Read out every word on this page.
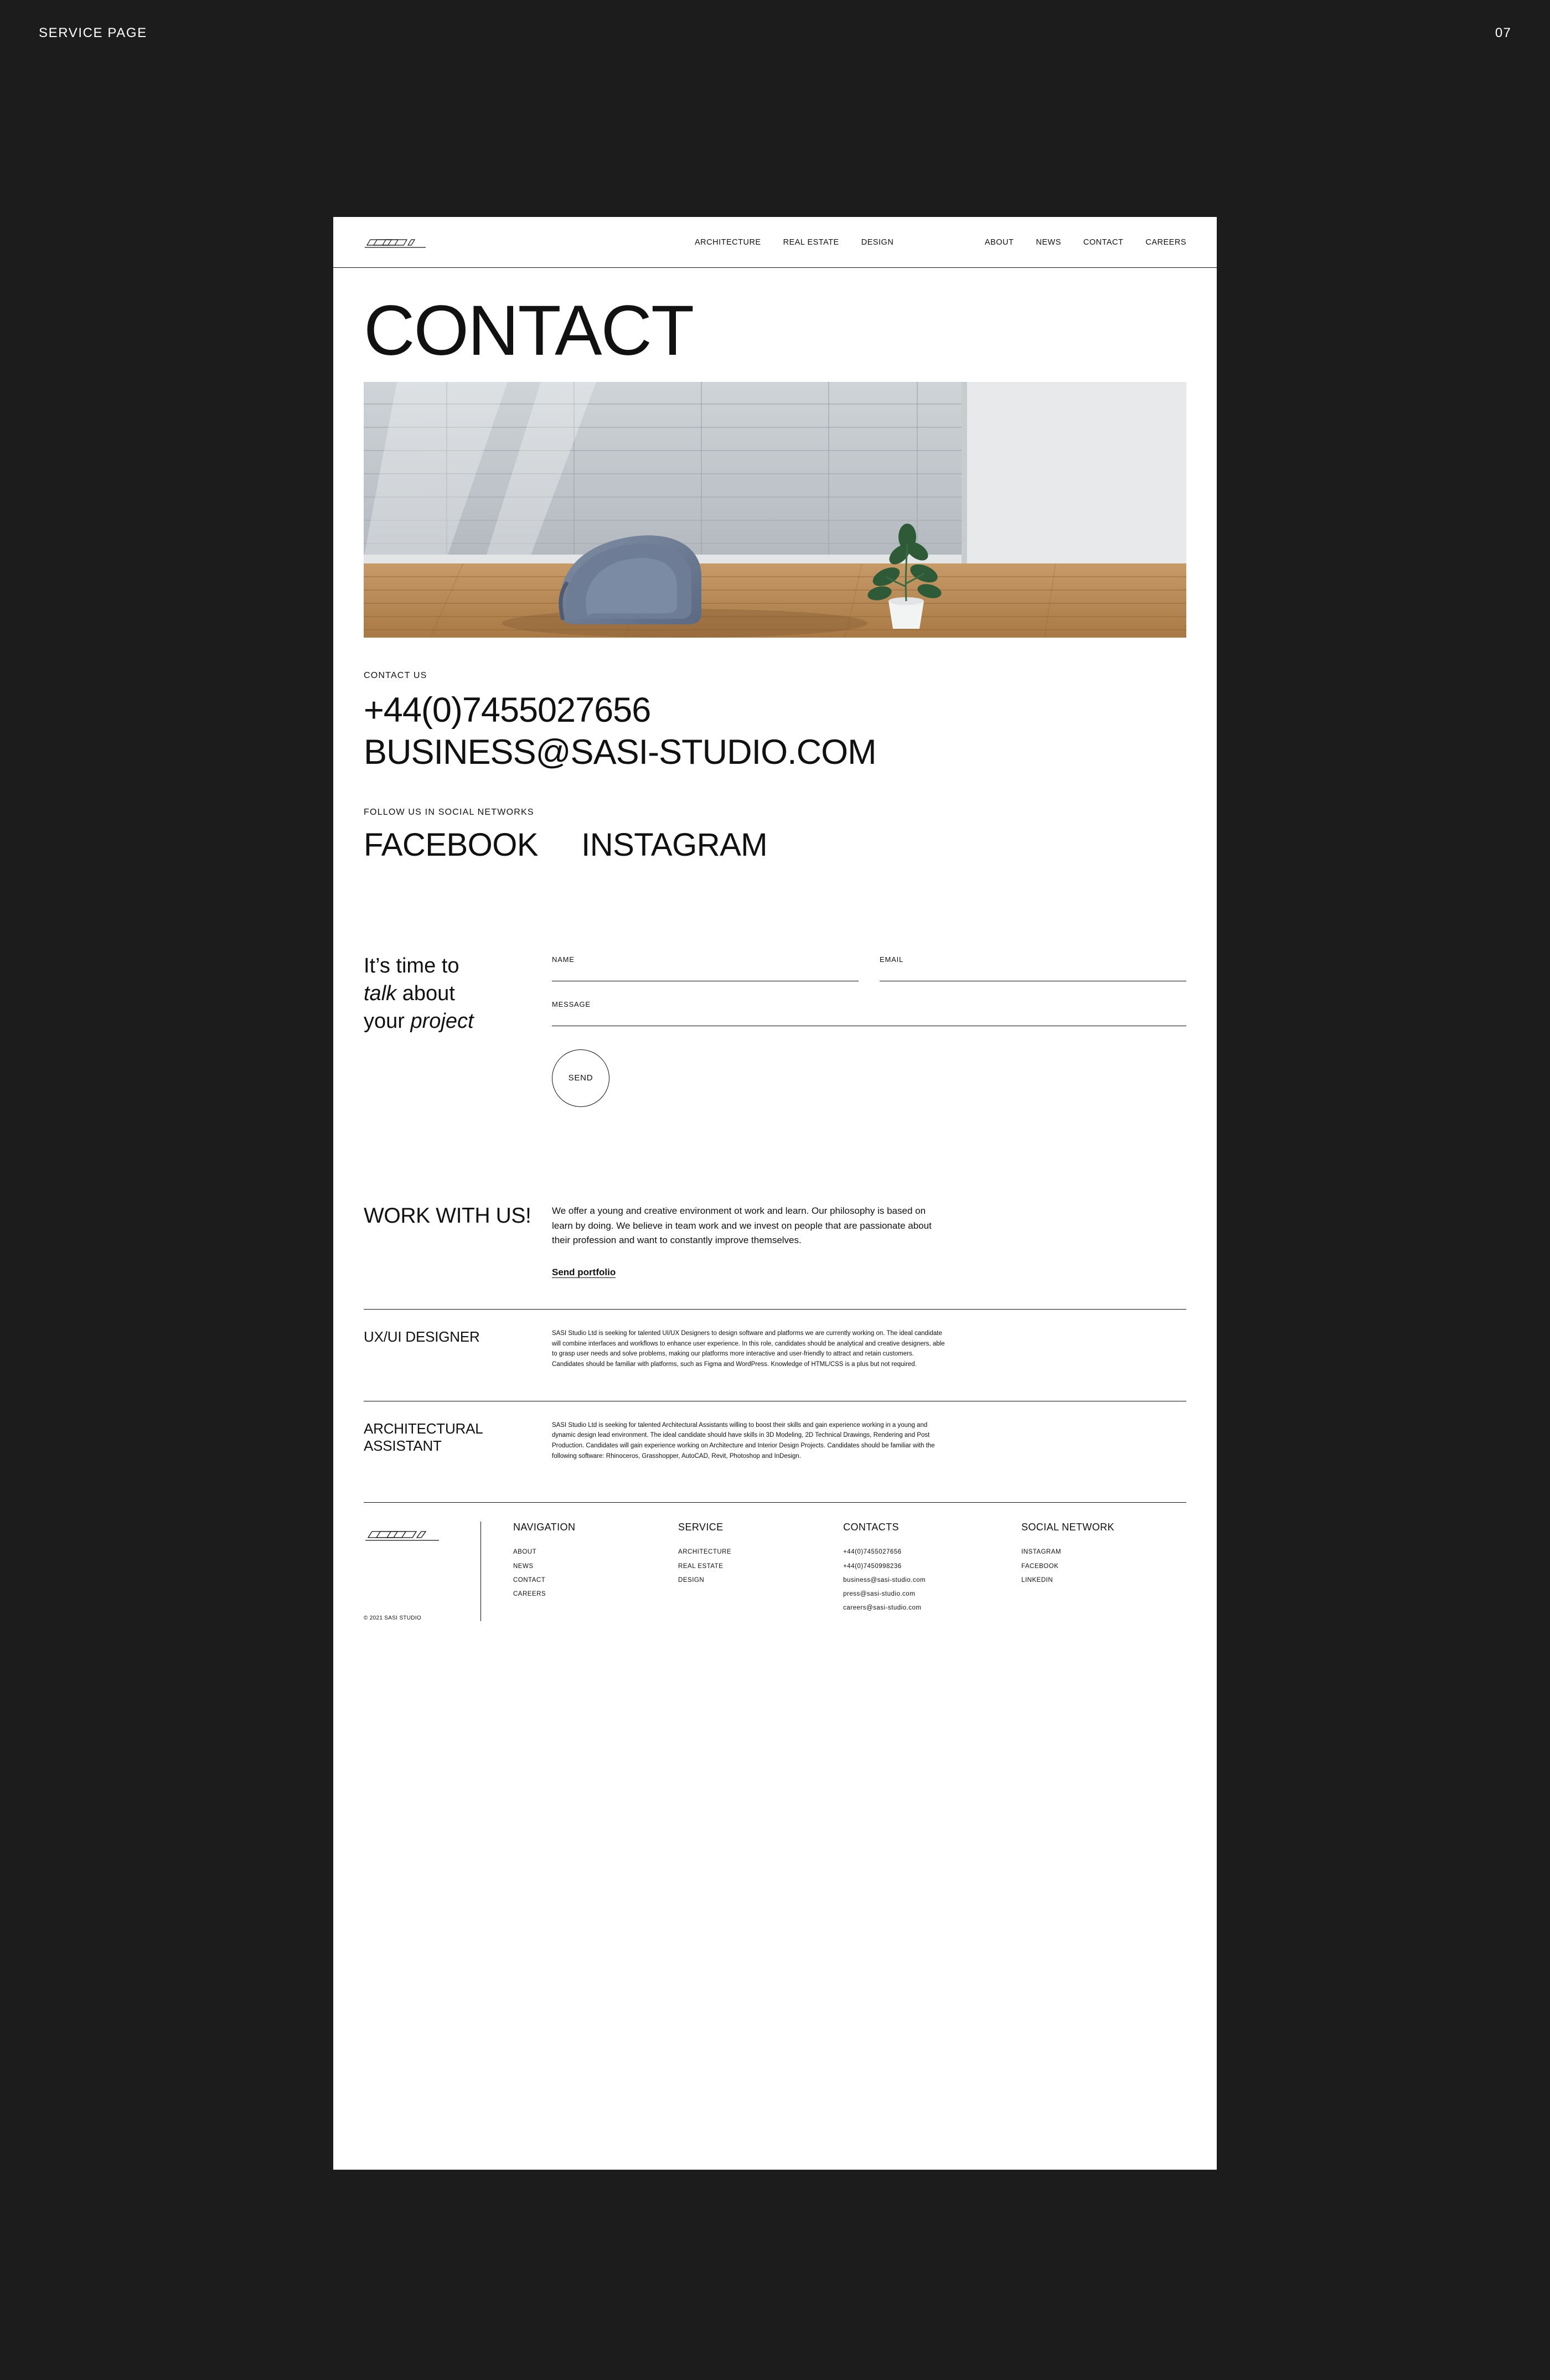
SERVICE PAGE	07
ARCHITECTURE	REAL ESTATE	DESIGN	ABOUT	NEWS	CONTACT	CAREERS
CONTACT
CONTACT US
+44(0)7455027656
BUSINESS@SASI-STUDIO.COM
FOLLOW US IN SOCIAL NETWORKS
FACEBOOK INSTAGRAM
It’s time to
talk about
your project
NAME	EMAIL
MESSAGE
SEND
WORK WITH US!	We offer a young and creative environment ot work and learn. Our philosophy is based on learn by doing. We believe in team work and we invest on people that are passionate about their profession and want to constantly improve themselves.

Send portfolio
UX/UI DESIGNER	SASI Studio Ltd is seeking for talented UI/UX Designers to design software and platforms we are currently working on. The ideal candidate will combine interfaces and workflows to enhance user experience. In this role, candidates should be analytical and creative designers, able to grasp user needs and solve problems, making our platforms more interactive and user-friendly to attract and retain customers. Candidates should be familiar with platforms, such as Figma and WordPress. Knowledge of HTML/CSS is a plus but not required.
ARCHITECTURAL ASSISTANT
SASI Studio Ltd is seeking for talented Architectural Assistants willing to boost their skills and gain experience working in a young and dynamic design lead environment. The ideal candidate should have skills in 3D Modeling, 2D Technical Drawings, Rendering and Post Production. Candidates will gain experience working on Architecture and Interior Design Projects. Candidates should be familiar with the following software: Rhinoceros, Grasshopper, AutoCAD, Revit, Photoshop and InDesign.
© 2021 SASI STUDIO
NAVIGATION
ABOUT
NEWS
CONTACT
CAREERS
SERVICE
ARCHITECTURE
REAL ESTATE
DESIGN
CONTACTS
+44(0)7455027656
+44(0)7450998236
business@sasi-studio.com
press@sasi-studio.com
careers@sasi-studio.com
SOCIAL NETWORK
INSTAGRAM
FACEBOOK
LINKEDIN
